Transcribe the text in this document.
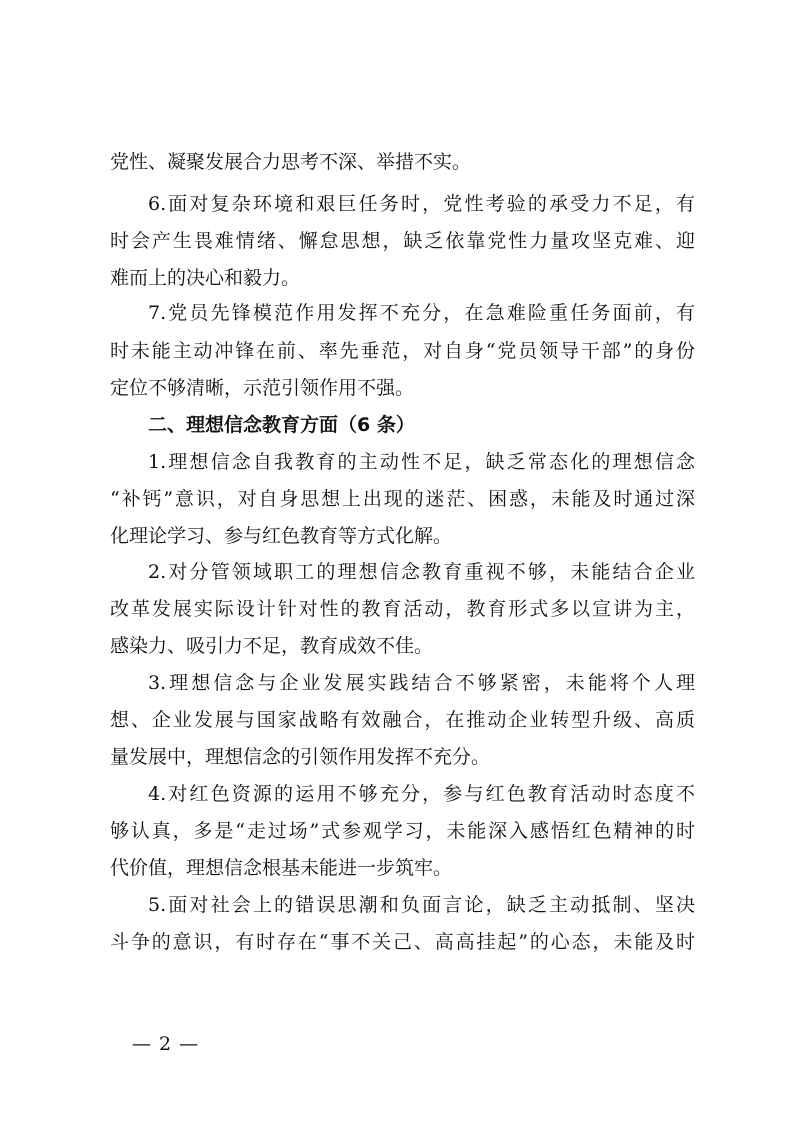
党性、凝聚发展合力思考不深、举措不实。
6.面对复杂环境和艰巨任务时，党性考验的承受力不足，有
时会产生畏难情绪、懈怠思想，缺乏依靠党性力量攻坚克难、迎
难而上的决心和毅力。
7.党员先锋模范作用发挥不充分，在急难险重任务面前，有
时未能主动冲锋在前、率先垂范，对自身“党员领导干部”的身份
定位不够清晰，示范引领作用不强。
二、理想信念教育方面（6 条）
1.理想信念自我教育的主动性不足，缺乏常态化的理想信念
“补钙”意识，对自身思想上出现的迷茫、困惑，未能及时通过深
化理论学习、参与红色教育等方式化解。
2.对分管领域职工的理想信念教育重视不够，未能结合企业
改革发展实际设计针对性的教育活动，教育形式多以宣讲为主，
感染力、吸引力不足，教育成效不佳。
3.理想信念与企业发展实践结合不够紧密，未能将个人理
想、企业发展与国家战略有效融合，在推动企业转型升级、高质
量发展中，理想信念的引领作用发挥不充分。
4.对红色资源的运用不够充分，参与红色教育活动时态度不
够认真，多是“走过场”式参观学习，未能深入感悟红色精神的时
代价值，理想信念根基未能进一步筑牢。
5.面对社会上的错误思潮和负面言论，缺乏主动抵制、坚决
斗争的意识，有时存在“事不关己、高高挂起”的心态，未能及时
— 2 —
